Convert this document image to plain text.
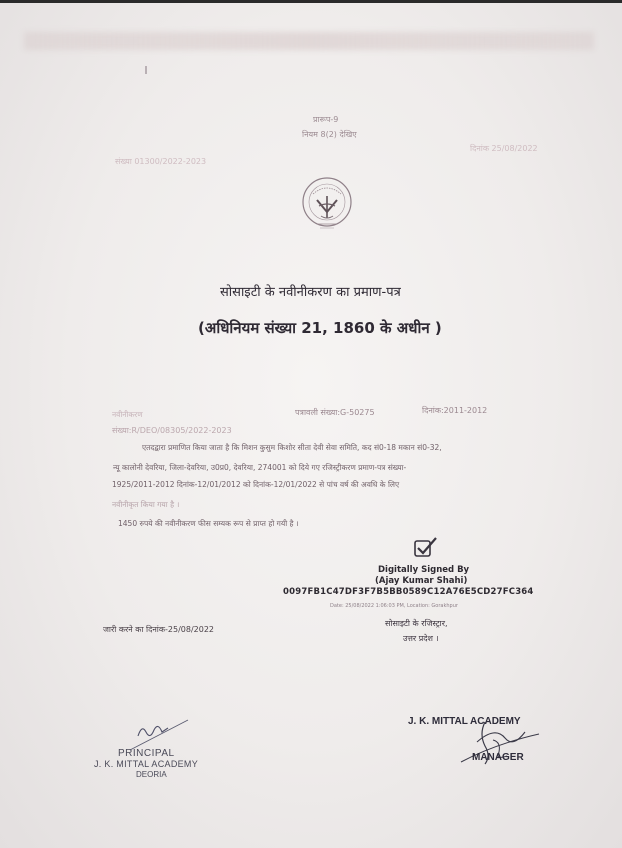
प्रारूप-9
नियम 8(2) देखिए
संख्या 01300/2022-2023
दिनांक 25/08/2022
सोसाइटी के नवीनीकरण का प्रमाण-पत्र
(अधिनियम संख्या 21, 1860 के अधीन )
नवीनीकरण	पत्रावली संख्या:G-50275	दिनांक:2011-2012
संख्या:R/DEO/08305/2022-2023
एतदद्वारा प्रमाणित किया जाता है कि मिशन कुसुम किशोर सीता देवी सेवा समिति, कद सं0-18 मकान सं0-32,
न्यू कालोनी देवरिया, जिला-देवरिया, उ0प्र0, देवरिया, 274001 को दिये गए रजिस्ट्रीकरण प्रमाण-पत्र संख्या-
1925/2011-2012 दिनांक-12/01/2012 को दिनांक-12/01/2022 से पांच वर्ष की अवधि के लिए
नवीनीकृत किया गया है ।
1450 रुपये की नवीनीकरण फीस सम्यक रूप से प्राप्त हो गयी है ।
Digitally Signed By
(Ajay Kumar Shahi)
0097FB1C47DF3F7B5BB0589C12A76E5CD27FC364
Date: 25/08/2022 1:06:03 PM, Location: Gorakhpur
सोसाइटी के रजिस्ट्रार,
उत्तर प्रदेश ।
जारी करने का दिनांक-25/08/2022
PRINCIPAL
J. K. MITTAL ACADEMY
DEORIA
J. K. MITTAL ACADEMY
MANAGER
